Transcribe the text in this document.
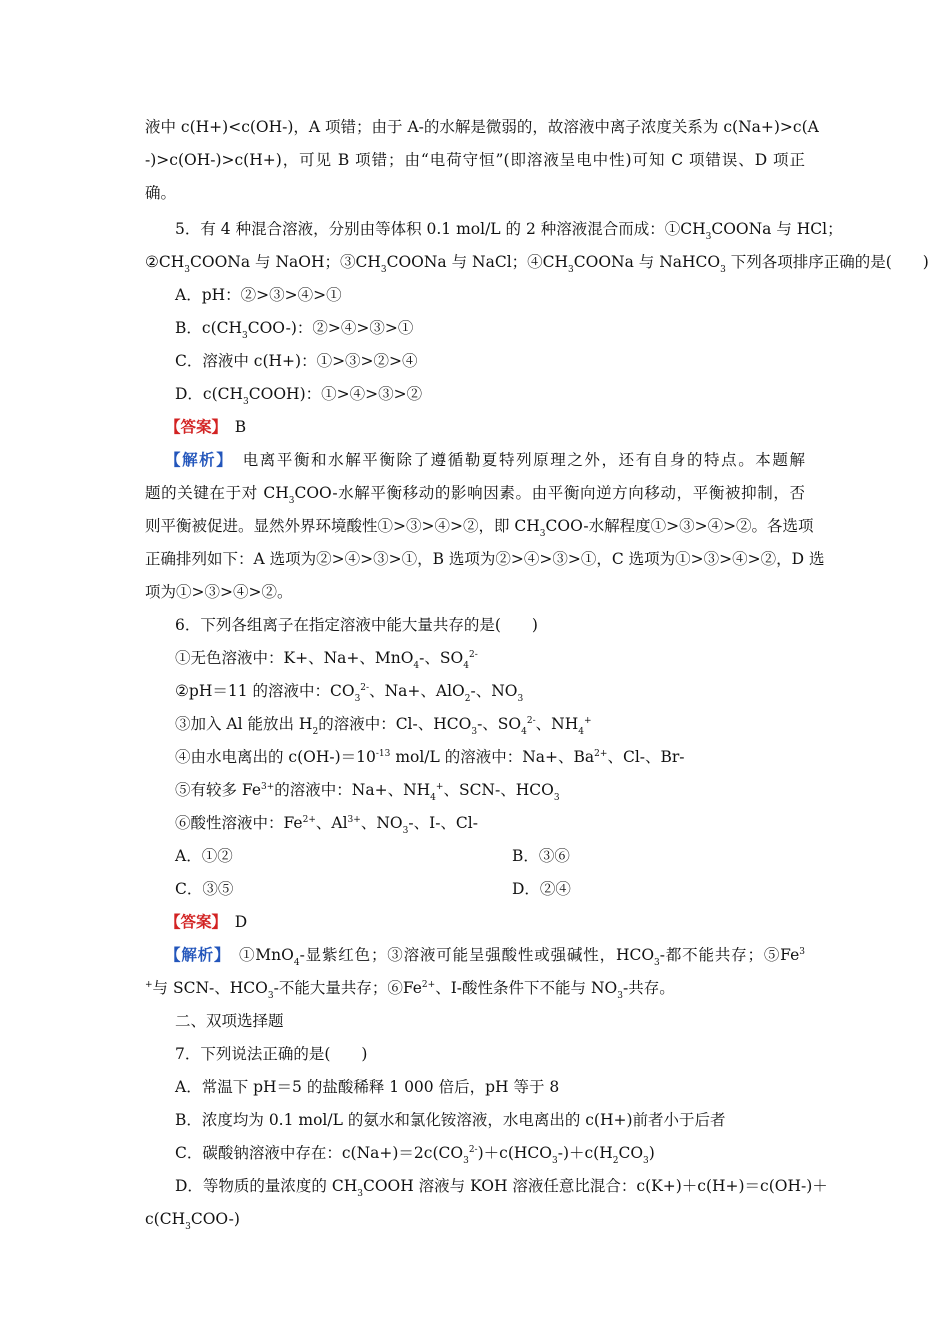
液中 c(H+)<c(OH-)，A 项错；由于 A-的水解是微弱的，故溶液中离子浓度关系为 c(Na+)>c(A
-)>c(OH-)>c(H+)，可见 B 项错；由“电荷守恒”(即溶液呈电中性)可知 C 项错误、D 项正
确。
5．有 4 种混合溶液，分别由等体积 0.1 mol/L 的 2 种溶液混合而成：$①CH_3COONa$ 与 HCl；
$②CH_3COONa$ 与 NaOH；$③CH_3COONa$ 与 NaCl；$④CH_3COONa$ 与 NaHCO$_3$ 下列各项排序正确的是(　　)
A．pH：②>③>④>①
B．$c(CH_3COO-)$：②>④>③>①
C．溶液中 c(H+)：①>③>②>④
D．$c(CH_3COOH)$：①>④>③>②
【答案】　 B
【解析】　 电离平衡和水解平衡除了遵循勒夏特列原理之外，还有自身的特点。本题解
题的关键在于对 $CH_3COO-$水解平衡移动的影响因素。由平衡向逆方向移动，平衡被抑制，否
则平衡被促进。显然外界环境酸性①>③>④>②，即 $CH_3COO-$水解程度①>③>④>②。各选项
正确排列如下：A 选项为②>④>③>①，B 选项为②>④>③>①，C 选项为①>③>④>②，D 选
项为①>③>④>②。
6．下列各组离子在指定溶液中能大量共存的是(　　)
①无色溶液中：K+、Na+、MnO$_4$-、$SO_4^{2-}$
②pH＝11 的溶液中：$CO_3^{2-}$、Na+、AlO$_2$-、$NO_3$
③加入 Al 能放出 $H_2$的溶液中：Cl-、$HCO_3-$、$SO_4^{2-}$、$NH_4^+$
④由水电离出的 $c(OH-)=10^{-13}$ mol/L 的溶液中：Na+、$Ba^{2+}$、Cl-、Br-
⑤有较多 $Fe^{3+}$的溶液中：Na+、$NH_4^+$、SCN-、$HCO_3$
⑥酸性溶液中：$Fe^{2+}$、$Al^{3+}$、$NO_3-$、I-、Cl-
A．①②	B．③⑥
C．③⑤	D．②④
【答案】　 D
【解析】　 ①MnO$_4$-显紫红色；③溶液可能呈强酸性或强碱性，$HCO_3-$都不能共存；⑤Fe$^3$
+与 SCN-、$HCO_3-$不能大量共存；$⑥Fe^{2+}$、I-酸性条件下不能与 $NO_3-$共存。
二、双项选择题
7．下列说法正确的是(　　)
A．常温下 pH＝5 的盐酸稀释 1 000 倍后，pH 等于 8
B．浓度均为 0.1 mol/L 的氨水和氯化铵溶液，水电离出的 c(H+)前者小于后者
C．碳酸钠溶液中存在：$c(Na+)=2c(CO_3^{2-})+c(HCO_3-)+c(H_2CO_3)$
D．等物质的量浓度的 $CH_3COOH$ 溶液与 KOH 溶液任意比混合：c(K+)＋c(H+)＝c(OH-)＋
$c(CH_3COO-)$
